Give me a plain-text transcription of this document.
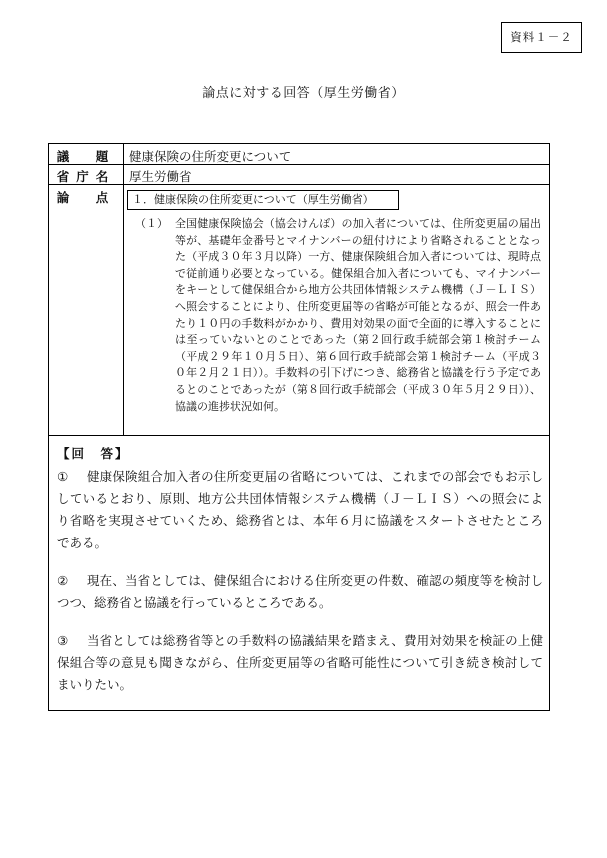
資料１－２
論点に対する回答（厚生労働省）
議　題	健康保険の住所変更について
省庁名	厚生労働省
論　点	１．健康保険の住所変更について（厚生労働省）
（１） 全国健康保険協会（協会けんぽ）の加入者については、住所変更届の届出等が、基礎年金番号とマイナンバーの紐付けにより省略されることとなった（平成３０年３月以降）一方、健康保険組合加入者については、現時点で従前通り必要となっている。健保組合加入者についても、マイナンバーをキーとして健保組合から地方公共団体情報システム機構（Ｊ－ＬＩＳ）へ照会することにより、住所変更届等の省略が可能となるが、照会一件あたり１０円の手数料がかかり、費用対効果の面で全面的に導入することには至っていないとのことであった（第２回行政手続部会第１検討チーム（平成２９年１０月５日）、第６回行政手続部会第１検討チーム（平成３０年２月２１日））。手数料の引下げにつき、総務省と協議を行う予定であるとのことであったが（第８回行政手続部会（平成３０年５月２９日））、協議の進捗状況如何。
【回　答】
①	健康保険組合加入者の住所変更届の省略については、これまでの部会でもお示ししているとおり、原則、地方公共団体情報システム機構（Ｊ－ＬＩＳ）への照会により省略を実現させていくため、総務省とは、本年６月に協議をスタートさせたところである。
②	現在、当省としては、健保組合における住所変更の件数、確認の頻度等を検討しつつ、総務省と協議を行っているところである。
③	当省としては総務省等との手数料の協議結果を踏まえ、費用対効果を検証の上健保組合等の意見も聞きながら、住所変更届等の省略可能性について引き続き検討してまいりたい。
